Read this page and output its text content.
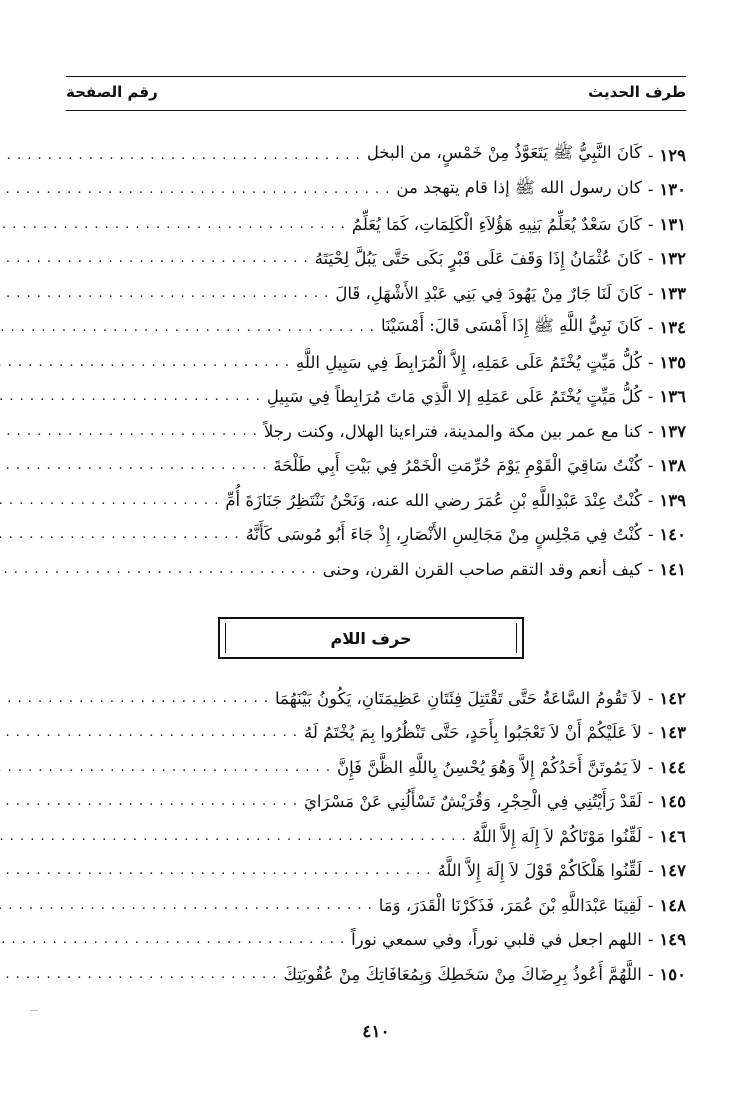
طرف الحديث
رقم الصفحة
١٢٩
-
كَانَ النَّبِيُّ ﷺ يَتَعَوَّذُ مِنْ خَمْسٍ، من البخل
. . .
١٣٠
-
كان رسول الله ﷺ إذا قام يتهجد من
. . .
١٣١
-
كَانَ سَعْدٌ يُعَلِّمُ بَنِيهِ هَؤُلاَءِ الْكَلِمَاتِ، كَمَا يُعَلِّمُ
. . .
١٣٢
-
كَانَ عُثْمَانُ إِذَا وَقَفَ عَلَى قَبْرٍ بَكَى حَتَّى يَبُلَّ لِحْيَتَهُ
. . .
١٣٣
-
كَانَ لَنَا جَارٌ مِنْ يَهُودَ فِي بَنِي عَبْدِ الأَشْهَلِ، قَالَ
. . .
١٣٤
-
كَانَ نَبِيُّ اللَّهِ ﷺ إِذَا أَمْسَى قَالَ: أَمْسَيْنَا
. . .
١٣٥
-
كُلُّ مَيِّتٍ يُخْتَمُ عَلَى عَمَلِهِ، إِلاَّ الْمُرَابِطَ فِي سَبِيلِ اللَّهِ
. . .
١٣٦
-
كُلُّ مَيِّتٍ يُخْتَمُ عَلَى عَمَلِهِ إلا الَّذِي مَاتَ مُرَابِطاً فِي سَبِيلِ
. . .
١٣٧
-
كنا مع عمر بين مكة والمدينة، فتراءينا الهلال، وكنت رجلاً
. . .
١٣٨
-
كُنْتُ سَاقِيَ الْقَوْمِ يَوْمَ حُرِّمَتِ الْخَمْرُ فِي بَيْتِ أَبِي طَلْحَةَ
. . .
١٣٩
-
كُنْتُ عِنْدَ عَبْدِاللَّهِ بْنِ عُمَرَ رضي الله عنه، وَنَحْنُ نَنْتَظِرُ جَنَازَةَ أُمِّ
. . .
١٤٠
-
كُنْتُ فِي مَجْلِسٍ مِنْ مَجَالِسِ الأَنْصَارِ، إِذْ جَاءَ أَبُو مُوسَى كَأَنَّهُ
. . .
١٤١
-
كيف أنعم وقد التقم صاحب القرن القرن، وحنى
. . .
حرف اللام
١٤٢
-
لاَ تَقُومُ السَّاعَةُ حَتَّى تَقْتَتِلَ فِئَتَانِ عَظِيمَتَانِ، يَكُونُ بَيْنَهُمَا
. . .
١٤٣
-
لاَ عَلَيْكُمْ أَنْ لاَ تَعْجَبُوا بِأَحَدٍ، حَتَّى تَنْظُرُوا بِمَ يُخْتَمُ لَهُ
. . .
١٤٤
-
لاَ يَمُوتَنَّ أَحَدُكُمْ إِلاَّ وَهُوَ يُحْسِنُ بِاللَّهِ الظَّنَّ فَإِنَّ
. . .
١٤٥
-
لَقَدْ رَأَيْتُنِي فِي الْحِجْرِ، وَقُرَيْشٌ تَسْأَلُنِي عَنْ مَسْرَايَ
. . .
١٤٦
-
لَقِّنُوا مَوْتَاكُمْ لاَ إِلَهَ إِلاَّ اللَّهُ
. . .
١٤٧
-
لَقِّنُوا هَلْكَاكُمْ قَوْلَ لاَ إِلَهَ إِلاَّ اللَّهُ
. . .
١٤٨
-
لَقِينَا عَبْدَاللَّهِ بْنَ عُمَرَ، فَذَكَرْنَا الْقَدَرَ، وَمَا
. . .
١٤٩
-
اللهم اجعل في قلبي نوراً، وفي سمعي نوراً
. . .
١٥٠
-
اللَّهُمَّ أَعُوذُ بِرِضَاكَ مِنْ سَخَطِكَ وَبِمُعَافَاتِكَ مِنْ عُقُوبَتِكَ
. . .
٤١٠
